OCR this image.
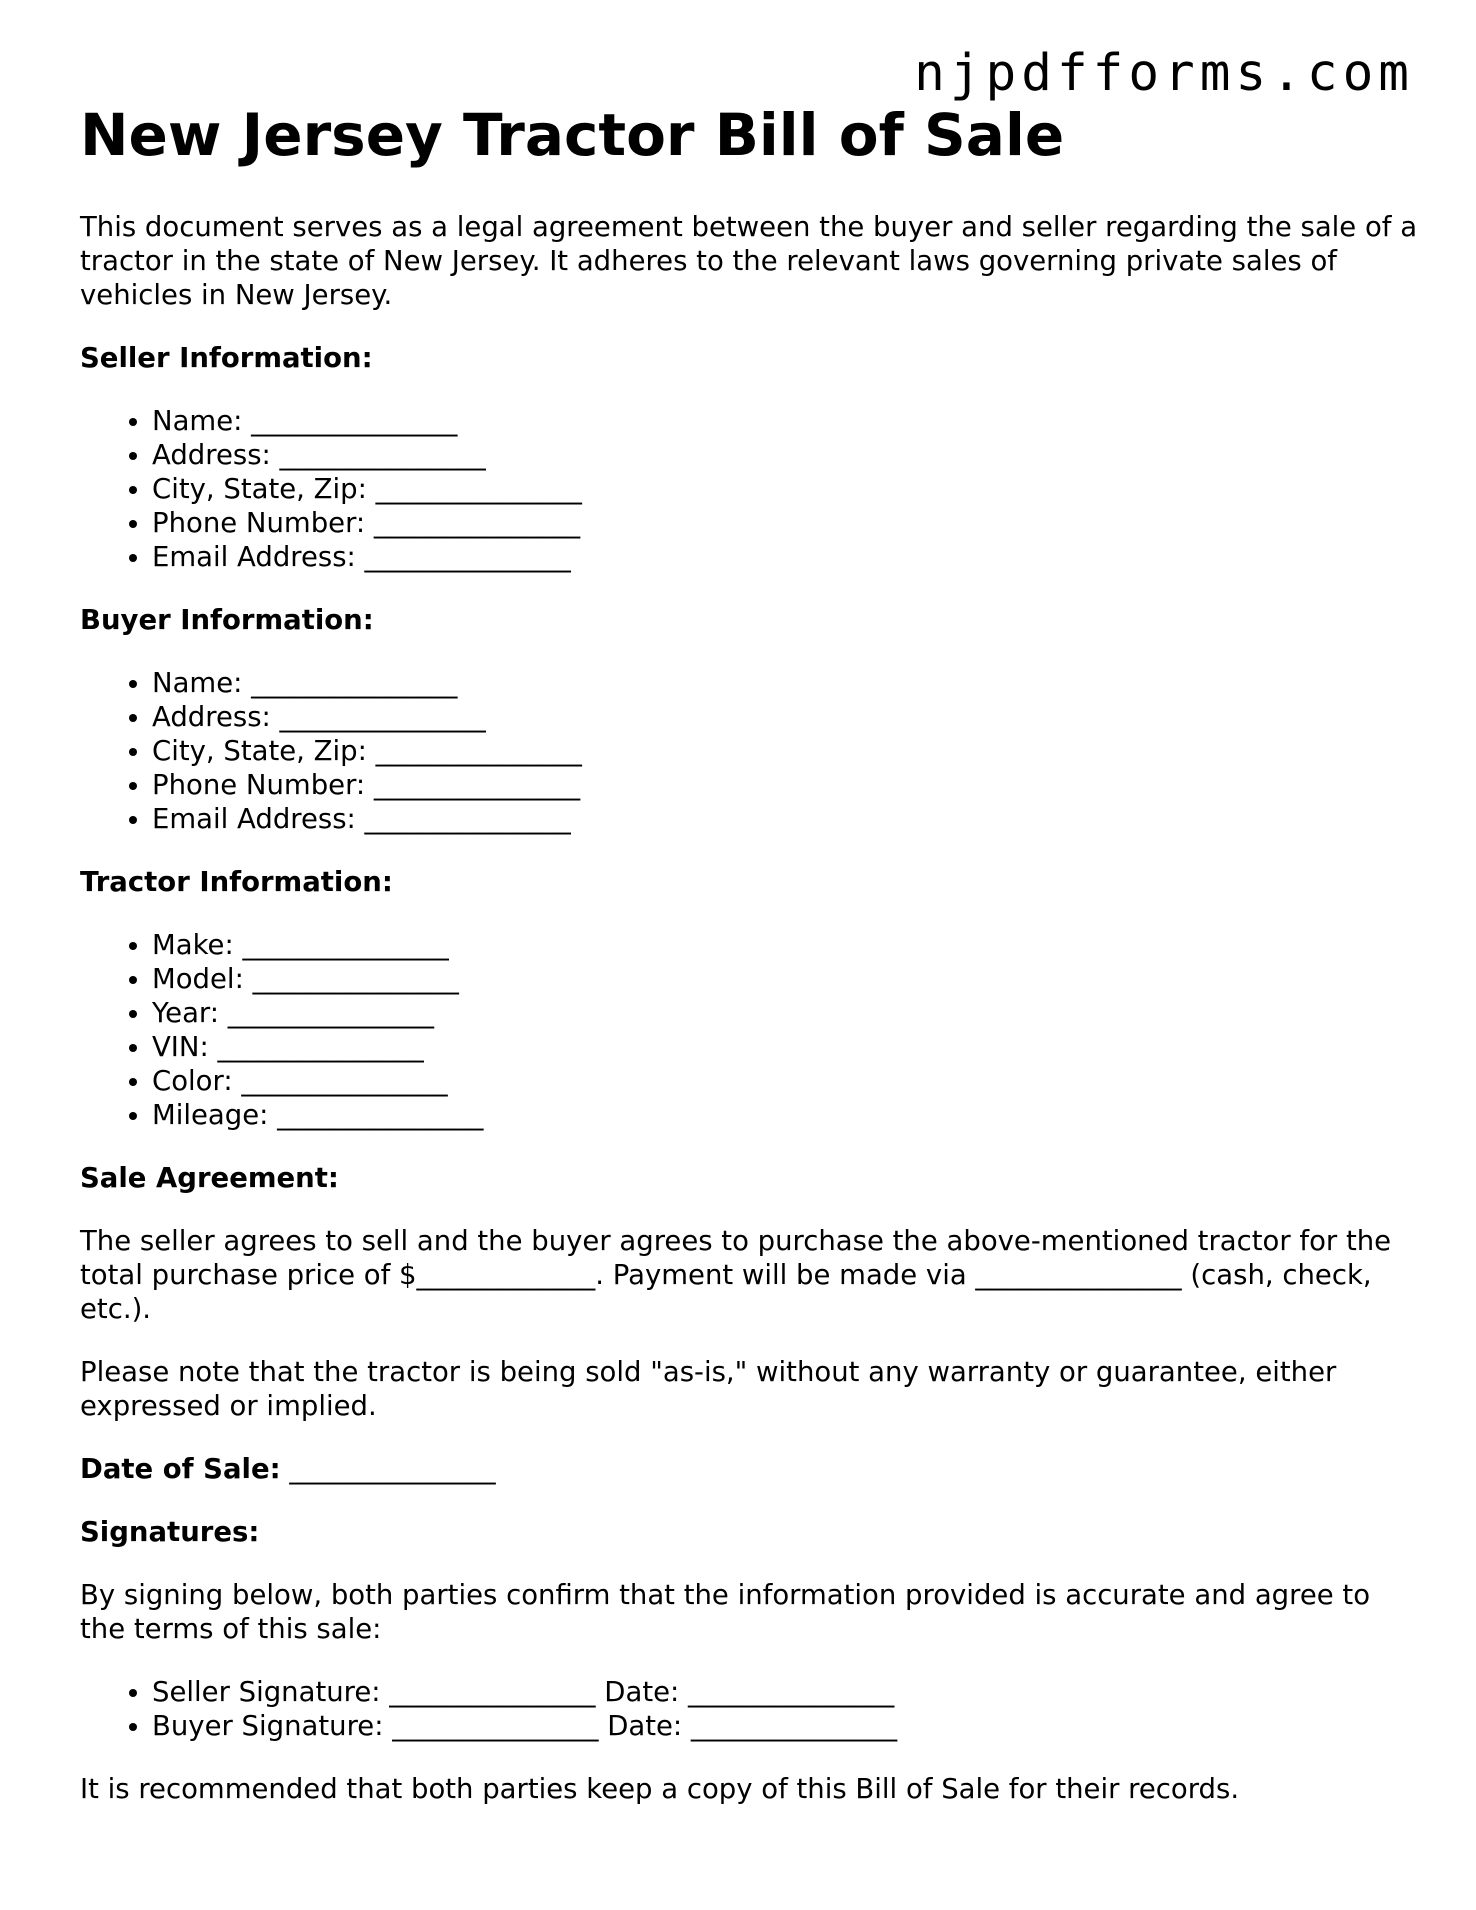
njpdfforms.com
New Jersey Tractor Bill of Sale

This document serves as a legal agreement between the buyer and seller regarding the sale of a tractor in the state of New Jersey. It adheres to the relevant laws governing private sales of vehicles in New Jersey.

Seller Information:

• Name: _______________
• Address: _______________
• City, State, Zip: _______________
• Phone Number: _______________
• Email Address: _______________

Buyer Information:

• Name: _______________
• Address: _______________
• City, State, Zip: _______________
• Phone Number: _______________
• Email Address: _______________

Tractor Information:

• Make: _______________
• Model: _______________
• Year: _______________
• VIN: _______________
• Color: _______________
• Mileage: _______________

Sale Agreement:

The seller agrees to sell and the buyer agrees to purchase the above-mentioned tractor for the total purchase price of $_____________. Payment will be made via _______________ (cash, check, etc.).

Please note that the tractor is being sold "as-is," without any warranty or guarantee, either expressed or implied.

Date of Sale: _______________

Signatures:

By signing below, both parties confirm that the information provided is accurate and agree to the terms of this sale:

• Seller Signature: _______________ Date: _______________
• Buyer Signature: _______________ Date: _______________

It is recommended that both parties keep a copy of this Bill of Sale for their records.
